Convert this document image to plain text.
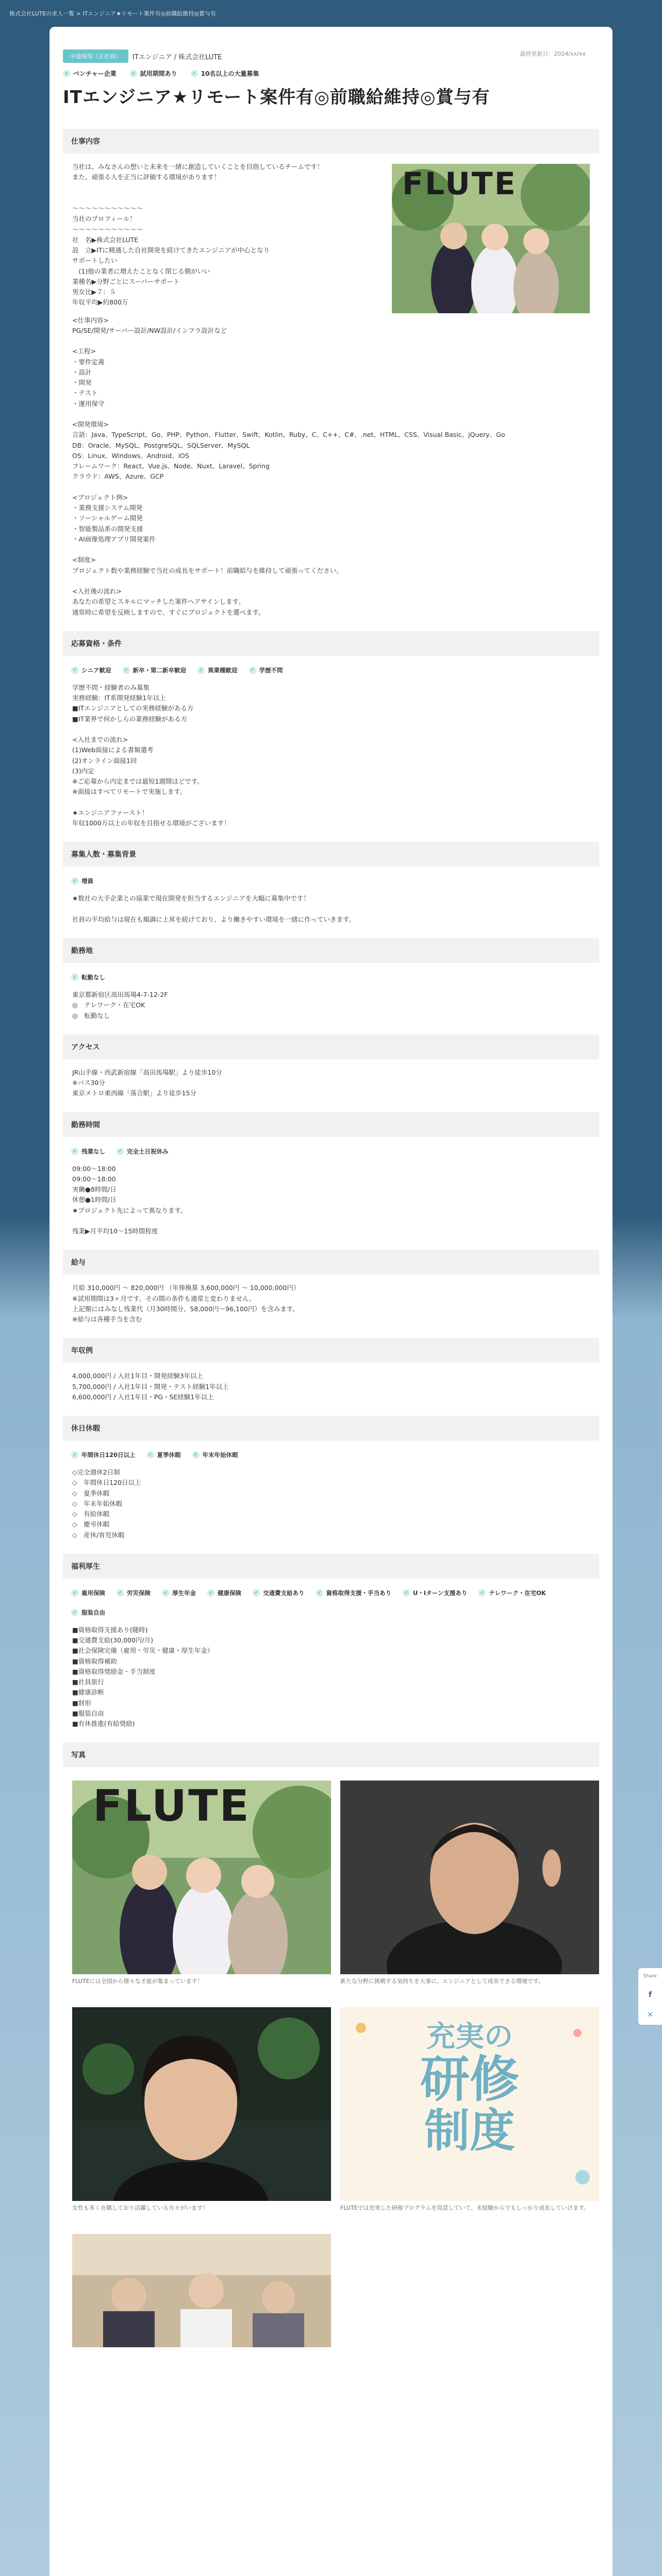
株式会社LUTEの求人一覧 > ITエンジニア★リモート案件有◎前職給維持◎賞与有
最終更新日：2024/xx/xx
中途採用（正社員）	ITエンジニア / 株式会社LUTE
✓ ベンチャー企業	✓ 試用期間あり	✓ 10名以上の大量募集
ITエンジニア★リモート案件有◎前職給維持◎賞与有
仕事内容
当社は、みなさんの想いと未来を一緒に創造していくことを目指しているチームです！
また、頑張る人を正当に評価する環境があります！

〜〜〜〜〜〜〜〜〜〜〜
当社のプロフィール！
〜〜〜〜〜〜〜〜〜〜〜
社　名▶株式会社LUTE
設　立▶ITに精通した自社開発を続けてきたエンジニアが中心となり
サポートしたい
　(1)他の業者に増えたことなく閉じる側がいい
業種名▶分野ごとにスーパーサポート
男女比▶７：５
年収平均▶約800万
FLUTE
<仕事内容>
PG/SE/開発/サーバー設計/NW設計/インフラ設計など

<工程>
・要件定義
・設計
・開発
・テスト
・運用保守

<開発環境>
言語：Java、TypeScript、Go、PHP、Python、Flutter、Swift、Kotlin、Ruby、C、C++、C#、.net、HTML、CSS、Visual Basic、jQuery、Go
DB：Oracle、MySQL、PostgreSQL、SQLServer、MySQL
OS：Linux、Windows、Android、iOS
フレームワーク：React、Vue.js、Node、Nuxt、Laravel、Spring
クラウド：AWS、Azure、GCP

<プロジェクト例>
・業務支援システム開発
・ソーシャルゲーム開発
・智能製品系の開発支援
・AI画像処理アプリ開発案件

<制度>
プロジェクト数や業務経験で当社の成長をサポート！前職給与を維持して頑張ってください。

<入社後の流れ>
あなたの希望とスキルにマッチした案件へアサインします。
通常時に希望を反映しますので、すぐにプロジェクトを選べます。
応募資格・条件
✓ シニア歓迎	✓ 新卒・第二新卒歓迎	✓ 異業種歓迎	✓ 学歴不問
学歴不問・経験者のみ募集
実務経験：IT系開発経験1年以上
■ITエンジニアとしての実務経験がある方
■IT業界で何かしらの業務経験がある方

<入社までの流れ>
(1)Web面接による書類選考
(2)オンライン面接1回
(3)内定
※ご応募から内定までは最短1週間ほどです。
※面接はすべてリモートで実施します。

★エンジニアファースト！
年収1000万以上の年収を目指せる環境がございます！
募集人数・募集背景
✓ 増員
★数社の大手企業との協業で現在開発を担当するエンジニアを大幅に募集中です！

社員の平均給与は現在も順調に上昇を続けており、より働きやすい環境を一緒に作っていきます。
勤務地
✓ 転勤なし
東京都新宿区高田馬場4-7-12-2F
◎　テレワーク・在宅OK
◎　転勤なし
アクセス
JR山手線・西武新宿線「高田馬場駅」より徒歩10分
※バス30分
東京メトロ東西線「落合駅」より徒歩15分
勤務時間
✓ 残業なし	✓ 完全土日祝休み
09:00〜18:00
09:00〜18:00
実働●8時間/日
休憩●1時間/日
★プロジェクト先によって異なります。

残業▶月平均10〜15時間程度
給与
月給 310,000円 〜 820,000円 （年俸換算 3,600,000円 〜 10,000,000円）
※試用期間は3ヶ月です。その間の条件も通常と変わりません。
上記額にはみなし残業代（月30時間分、58,000円〜96,100円）を含みます。
※給与は各種手当を含む
年収例
4,000,000円 / 入社1年目・開発経験3年以上
5,700,000円 / 入社1年目・開発・テスト経験1年以上
6,600,000円 / 入社1年目・PG・SE経験1年以上
休日休暇
✓ 年間休日120日以上	✓ 夏季休暇	✓ 年末年始休暇
◇完全週休2日制
◇　年間休日120日以上
◇　夏季休暇
◇　年末年始休暇
◇　有給休暇
◇　慶弔休暇
◇　産休/育児休暇
福利厚生
✓ 雇用保険	✓ 労災保険	✓ 厚生年金	✓ 健康保険	✓ 交通費支給あり	✓ 資格取得支援・手当あり	✓ U・Iターン支援あり	✓ テレワーク・在宅OK
✓ 服装自由
■資格取得支援あり(随時)
■交通費支給(30,000円/月)
■社会保険完備（雇用・労災・健康・厚生年金）
■資格取得補助
■資格取得奨励金・手当制度
■社員旅行
■健康診断
■財形
■服装自由
■有休推進(有給奨励)
写真
FLUTE
FLUTEには全国から様々な才能が集まっています！	新たな分野に挑戦する気持ちを大事に、エンジニアとして成長できる環境です。
女性も多く在籍しており活躍している方々がいます！
充実の
研修
制度
FLUTEでは充実した研修プログラムを用意していて、未経験からでもしっかり成長していけます。
Share
f
✕
